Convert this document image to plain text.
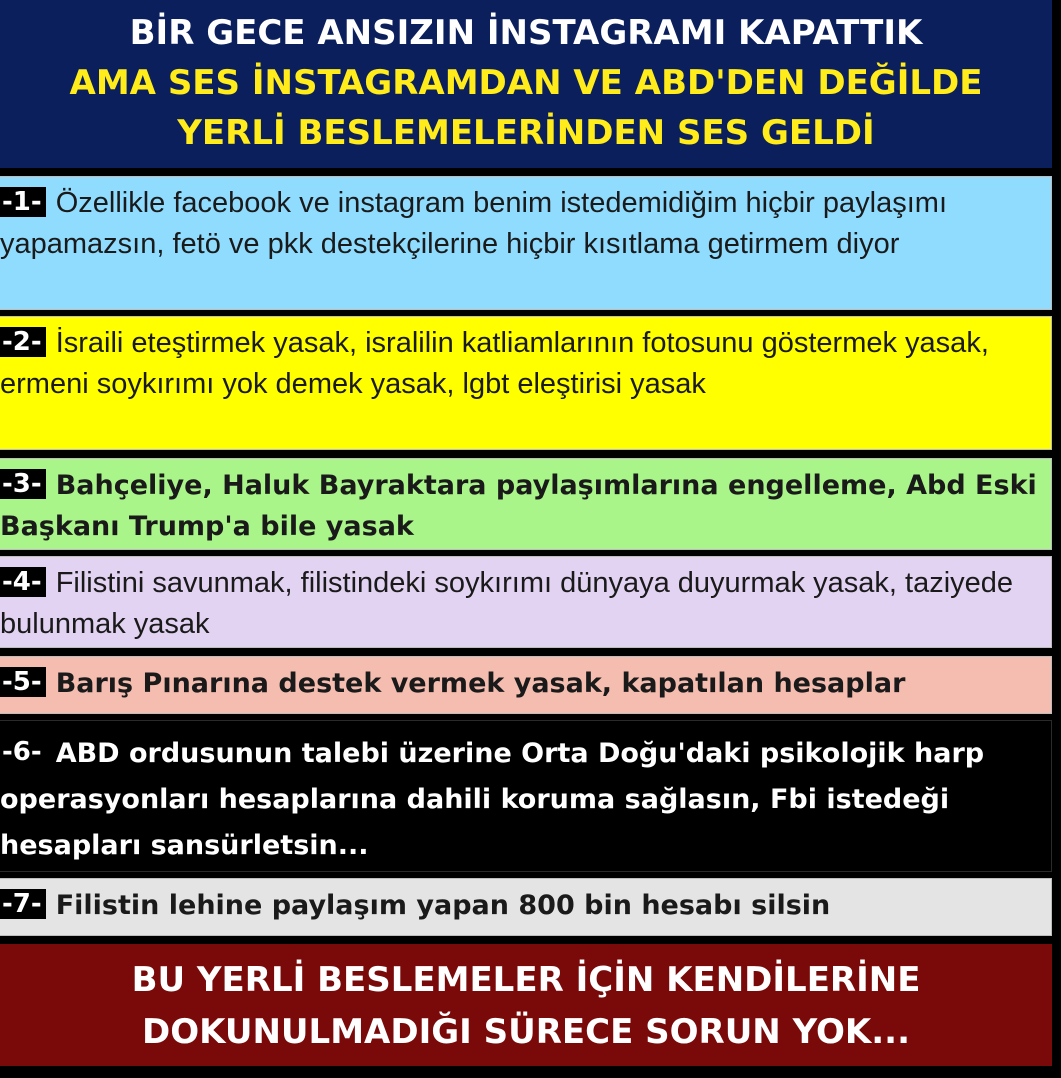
BİR GECE ANSIZIN İNSTAGRAMI KAPATTIK
AMA SES İNSTAGRAMDAN VE ABD'DEN DEĞİLDE
YERLİ BESLEMELERİNDEN SES GELDİ
-1- Özellikle facebook ve instagram benim istedemidiğim hiçbir paylaşımı yapamazsın, fetö ve pkk destekçilerine hiçbir kısıtlama getirmem diyor
-2- İsraili eteştirmek yasak, isralilin katliamlarının fotosunu göstermek yasak, ermeni soykırımı yok demek yasak, lgbt eleştirisi yasak
-3- Bahçeliye, Haluk Bayraktara paylaşımlarına engelleme, Abd Eski Başkanı Trump'a bile yasak
-4- Filistini savunmak, filistindeki soykırımı dünyaya duyurmak yasak, taziyede bulunmak yasak
-5- Barış Pınarına destek vermek yasak, kapatılan hesaplar
-6- ABD ordusunun talebi üzerine Orta Doğu'daki psikolojik harp operasyonları hesaplarına dahili koruma sağlasın, Fbi istedeği hesapları sansürletsin...
-7- Filistin lehine paylaşım yapan 800 bin hesabı silsin
BU YERLİ BESLEMELER İÇİN KENDİLERİNE
DOKUNULMADIĞI SÜRECE SORUN YOK...
